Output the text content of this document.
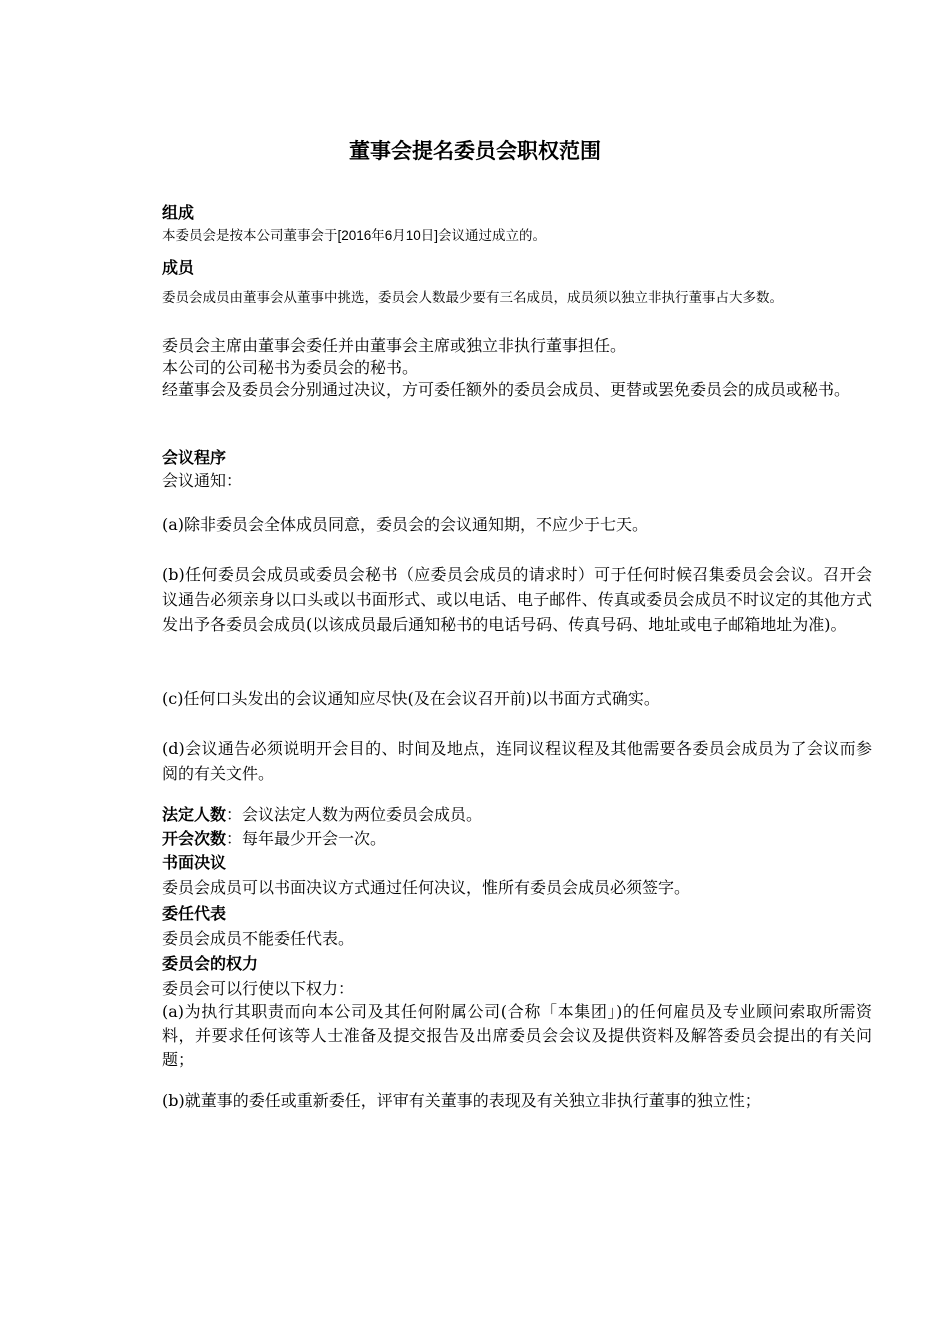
董事会提名委员会职权范围
组成
本委员会是按本公司董事会于[2016年6月10日]会议通过成立的。
成员
委员会成员由董事会从董事中挑选，委员会人数最少要有三名成员，成员须以独立非执行董事占大多数。
委员会主席由董事会委任并由董事会主席或独立非执行董事担任。
本公司的公司秘书为委员会的秘书。
经董事会及委员会分别通过决议，方可委任额外的委员会成员、更替或罢免委员会的成员或秘书。
会议程序
会议通知：
(a)除非委员会全体成员同意，委员会的会议通知期，不应少于七天。
(b)任何委员会成员或委员会秘书（应委员会成员的请求时）可于任何时候召集委员会会议。召开会议通告必须亲身以口头或以书面形式、或以电话、电子邮件、传真或委员会成员不时议定的其他方式发出予各委员会成员(以该成员最后通知秘书的电话号码、传真号码、地址或电子邮箱地址为准)。
(c)任何口头发出的会议通知应尽快(及在会议召开前)以书面方式确实。
(d)会议通告必须说明开会目的、时间及地点，连同议程议程及其他需要各委员会成员为了会议而参阅的有关文件。
法定人数：会议法定人数为两位委员会成员。
开会次数：每年最少开会一次。
书面决议
委员会成员可以书面决议方式通过任何决议，惟所有委员会成员必须签字。
委任代表
委员会成员不能委任代表。
委员会的权力
委员会可以行使以下权力：
(a)为执行其职责而向本公司及其任何附属公司(合称「本集团」)的任何雇员及专业顾问索取所需资料，并要求任何该等人士准备及提交报告及出席委员会会议及提供资料及解答委员会提出的有关问题；
(b)就董事的委任或重新委任，评审有关董事的表现及有关独立非执行董事的独立性；
